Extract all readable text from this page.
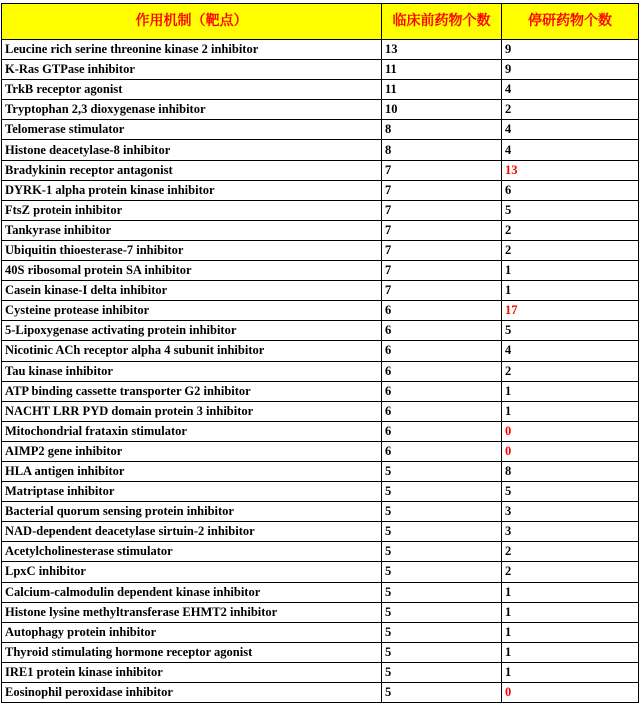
作用机制（靶点）	临床前药物个数	停研药物个数
Leucine rich serine threonine kinase 2 inhibitor	13	9
K-Ras GTPase inhibitor	11	9
TrkB receptor agonist	11	4
Tryptophan 2,3 dioxygenase inhibitor	10	2
Telomerase stimulator	8	4
Histone deacetylase-8 inhibitor	8	4
Bradykinin receptor antagonist	7	13
DYRK-1 alpha protein kinase inhibitor	7	6
FtsZ protein inhibitor	7	5
Tankyrase inhibitor	7	2
Ubiquitin thioesterase-7 inhibitor	7	2
40S ribosomal protein SA inhibitor	7	1
Casein kinase-I delta inhibitor	7	1
Cysteine protease inhibitor	6	17
5-Lipoxygenase activating protein inhibitor	6	5
Nicotinic ACh receptor alpha 4 subunit inhibitor	6	4
Tau kinase inhibitor	6	2
ATP binding cassette transporter G2 inhibitor	6	1
NACHT LRR PYD domain protein 3 inhibitor	6	1
Mitochondrial frataxin stimulator	6	0
AIMP2 gene inhibitor	6	0
HLA antigen inhibitor	5	8
Matriptase inhibitor	5	5
Bacterial quorum sensing protein inhibitor	5	3
NAD-dependent deacetylase sirtuin-2 inhibitor	5	3
Acetylcholinesterase stimulator	5	2
LpxC inhibitor	5	2
Calcium-calmodulin dependent kinase inhibitor	5	1
Histone lysine methyltransferase EHMT2 inhibitor	5	1
Autophagy protein inhibitor	5	1
Thyroid stimulating hormone receptor agonist	5	1
IRE1 protein kinase inhibitor	5	1
Eosinophil peroxidase inhibitor	5	0
